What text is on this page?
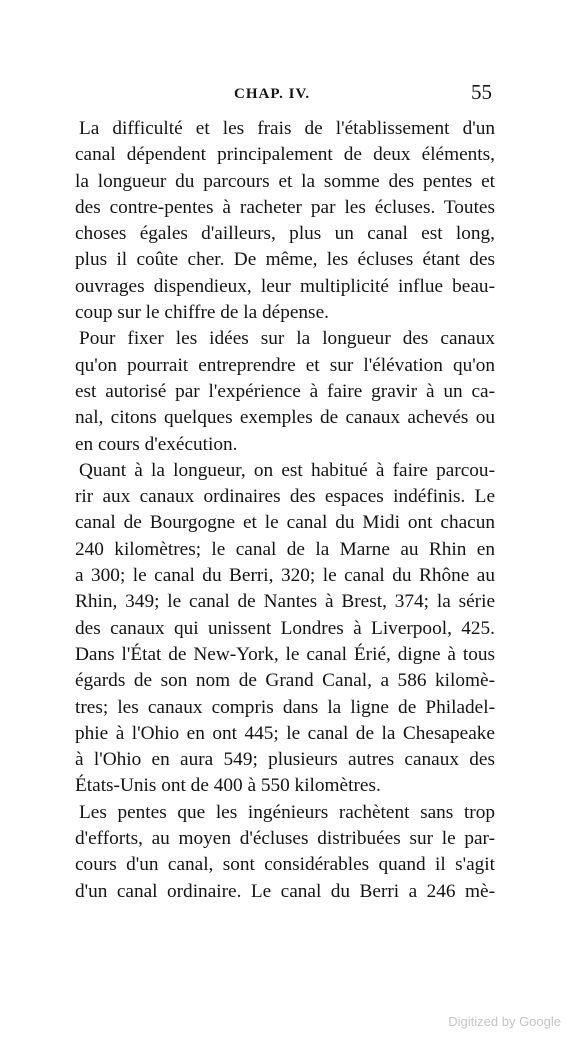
CHAP. IV.	55
La difficulté et les frais de l'établissement d'un
canal dépendent principalement de deux éléments,
la longueur du parcours et la somme des pentes et
des contre-pentes à racheter par les écluses. Toutes
choses égales d'ailleurs, plus un canal est long,
plus il coûte cher. De même, les écluses étant des
ouvrages dispendieux, leur multiplicité influe beau-
coup sur le chiffre de la dépense.
Pour fixer les idées sur la longueur des canaux
qu'on pourrait entreprendre et sur l'élévation qu'on
est autorisé par l'expérience à faire gravir à un ca-
nal, citons quelques exemples de canaux achevés ou
en cours d'exécution.
Quant à la longueur, on est habitué à faire parcou-
rir aux canaux ordinaires des espaces indéfinis. Le
canal de Bourgogne et le canal du Midi ont chacun
240 kilomètres; le canal de la Marne au Rhin en
a 300; le canal du Berri, 320; le canal du Rhône au
Rhin, 349; le canal de Nantes à Brest, 374; la série
des canaux qui unissent Londres à Liverpool, 425.
Dans l'État de New-York, le canal Érié, digne à tous
égards de son nom de Grand Canal, a 586 kilomè-
tres; les canaux compris dans la ligne de Philadel-
phie à l'Ohio en ont 445; le canal de la Chesapeake
à l'Ohio en aura 549; plusieurs autres canaux des
États-Unis ont de 400 à 550 kilomètres.
Les pentes que les ingénieurs rachètent sans trop
d'efforts, au moyen d'écluses distribuées sur le par-
cours d'un canal, sont considérables quand il s'agit
d'un canal ordinaire. Le canal du Berri a 246 mè-
Digitized by Google
